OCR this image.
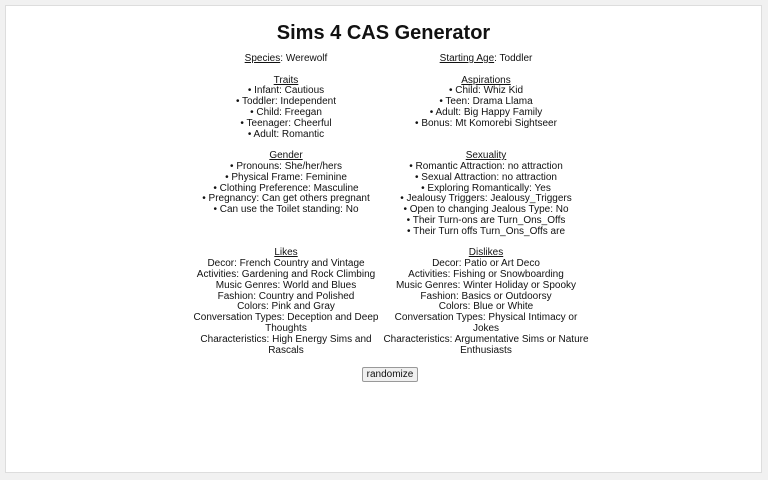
Sims 4 CAS Generator
Species: Werewolf	Starting Age: Toddler
Traits
• Infant: Cautious
• Toddler: Independent
• Child: Freegan
• Teenager: Cheerful
• Adult: Romantic
Aspirations
• Child: Whiz Kid
• Teen: Drama Llama
• Adult: Big Happy Family
• Bonus: Mt Komorebi Sightseer
Gender
• Pronouns: She/her/hers
• Physical Frame: Feminine
• Clothing Preference: Masculine
• Pregnancy: Can get others pregnant
• Can use the Toilet standing: No
Sexuality
• Romantic Attraction: no attraction
• Sexual Attraction: no attraction
• Exploring Romantically: Yes
• Jealousy Triggers: Jealousy_Triggers
• Open to changing Jealous Type: No
• Their Turn-ons are Turn_Ons_Offs
• Their Turn offs Turn_Ons_Offs are
Likes
Decor: French Country and Vintage
Activities: Gardening and Rock Climbing
Music Genres: World and Blues
Fashion: Country and Polished
Colors: Pink and Gray
Conversation Types: Deception and Deep Thoughts
Characteristics: High Energy Sims and Rascals
Dislikes
Decor: Patio or Art Deco
Activities: Fishing or Snowboarding
Music Genres: Winter Holiday or Spooky
Fashion: Basics or Outdoorsy
Colors: Blue or White
Conversation Types: Physical Intimacy or Jokes
Characteristics: Argumentative Sims or Nature Enthusiasts
randomize
